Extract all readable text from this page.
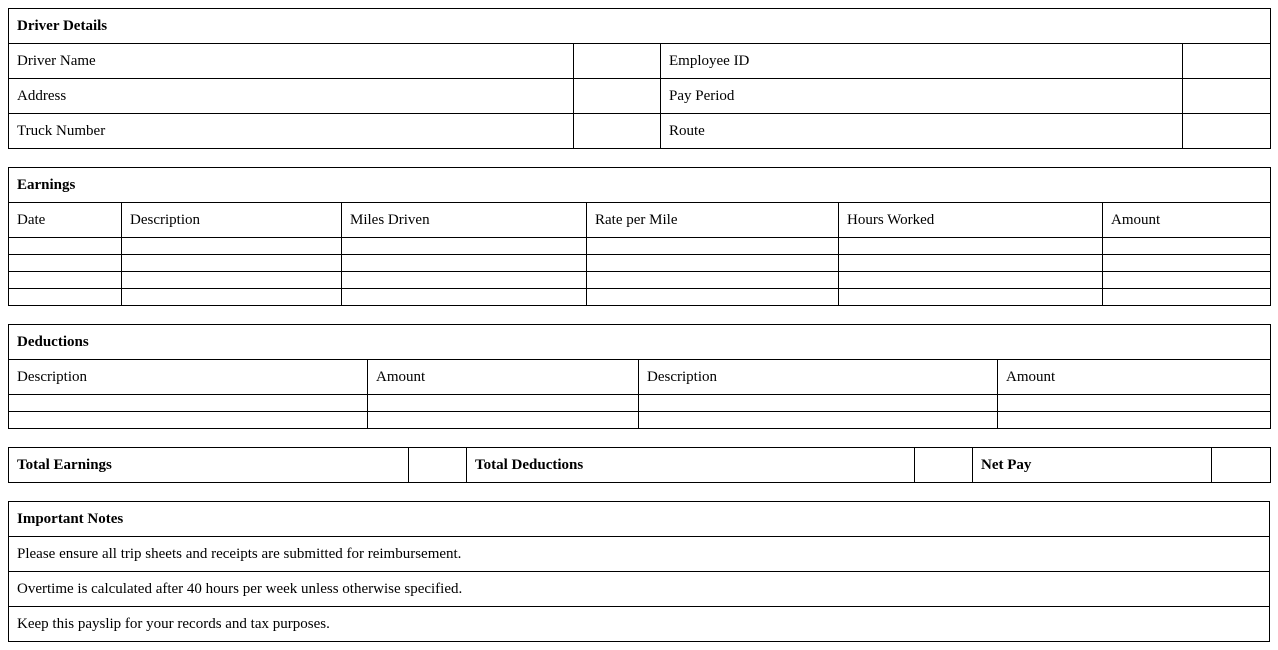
Driver Details			
Driver Name		Employee ID	
Address		Pay Period	
Truck Number		Route	
Earnings					
Date	Description	Miles Driven	Rate per Mile	Hours Worked	Amount

Deductions			
Description	Amount	Description	Amount

Total Earnings		Total Deductions		Net Pay	
Important Notes
Please ensure all trip sheets and receipts are submitted for reimbursement.
Overtime is calculated after 40 hours per week unless otherwise specified.
Keep this payslip for your records and tax purposes.
